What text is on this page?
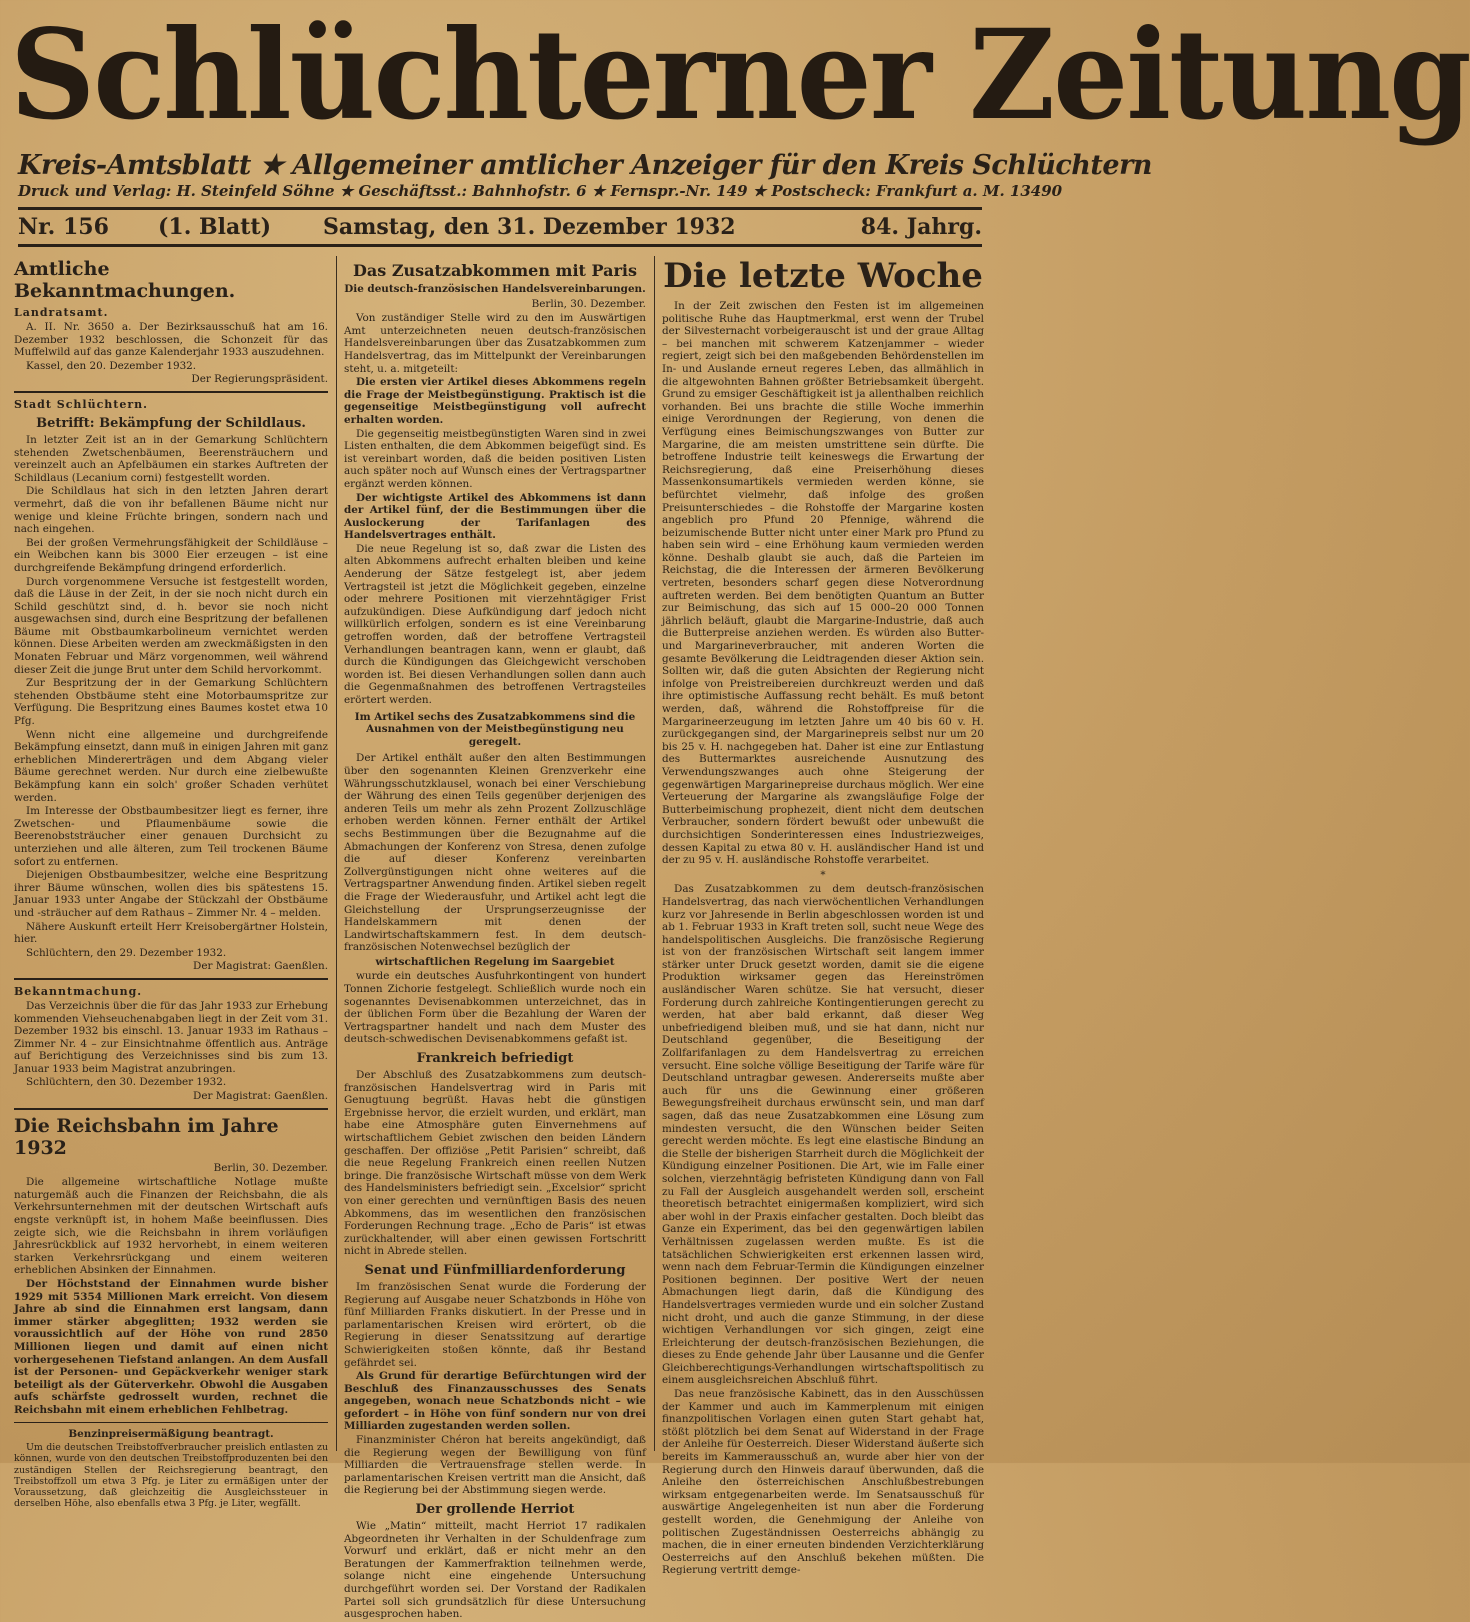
Schlüchterner Zeitung
Kreis-Amtsblatt ★ Allgemeiner amtlicher Anzeiger für den Kreis Schlüchtern
Druck und Verlag: H. Steinfeld Söhne ★ Geschäftsst.: Bahnhofstr. 6 ★ Fernspr.-Nr. 149 ★ Postscheck: Frankfurt a. M. 13490
Nr. 156 (1. Blatt) Samstag, den 31. Dezember 1932	84. Jahrg.
Amtliche Bekanntmachungen.
Landratsamt.

A. II. Nr. 3650 a. Der Bezirksausschuß hat am 16. Dezember 1932 beschlossen, die Schonzeit für das Muffelwild auf das ganze Kalenderjahr 1933 auszudehnen.

Kassel, den 20. Dezember 1932.

Der Regierungspräsident.
Stadt Schlüchtern.
Betrifft: Bekämpfung der Schildlaus.

In letzter Zeit ist an in der Gemarkung Schlüchtern stehenden Zwetschenbäumen, Beerensträuchern und vereinzelt auch an Apfelbäumen ein starkes Auftreten der Schildlaus (Lecanium corni) festgestellt worden.

Die Schildlaus hat sich in den letzten Jahren derart vermehrt, daß die von ihr befallenen Bäume nicht nur wenige und kleine Früchte bringen, sondern nach und nach eingehen.

Bei der großen Vermehrungsfähigkeit der Schildläuse – ein Weibchen kann bis 3000 Eier erzeugen – ist eine durchgreifende Bekämpfung dringend erforderlich.

Durch vorgenommene Versuche ist festgestellt worden, daß die Läuse in der Zeit, in der sie noch nicht durch ein Schild geschützt sind, d. h. bevor sie noch nicht ausgewachsen sind, durch eine Bespritzung der befallenen Bäume mit Obstbaumkarbolineum vernichtet werden können. Diese Arbeiten werden am zweckmäßigsten in den Monaten Februar und März vorgenommen, weil während dieser Zeit die junge Brut unter dem Schild hervorkommt.

Zur Bespritzung der in der Gemarkung Schlüchtern stehenden Obstbäume steht eine Motorbaumspritze zur Verfügung. Die Bespritzung eines Baumes kostet etwa 10 Pfg.

Wenn nicht eine allgemeine und durchgreifende Bekämpfung einsetzt, dann muß in einigen Jahren mit ganz erheblichen Mindererträgen und dem Abgang vieler Bäume gerechnet werden. Nur durch eine zielbewußte Bekämpfung kann ein solch' großer Schaden verhütet werden.

Im Interesse der Obstbaumbesitzer liegt es ferner, ihre Zwetschen- und Pflaumenbäume sowie die Beerenobststräucher einer genauen Durchsicht zu unterziehen und alle älteren, zum Teil trockenen Bäume sofort zu entfernen.

Diejenigen Obstbaumbesitzer, welche eine Bespritzung ihrer Bäume wünschen, wollen dies bis spätestens 15. Januar 1933 unter Angabe der Stückzahl der Obstbäume und -sträucher auf dem Rathaus – Zimmer Nr. 4 – melden.

Nähere Auskunft erteilt Herr Kreisobergärtner Holstein, hier.

Schlüchtern, den 29. Dezember 1932.

Der Magistrat: Gaenßlen.
Bekanntmachung.

Das Verzeichnis über die für das Jahr 1933 zur Erhebung kommenden Viehseuchenabgaben liegt in der Zeit vom 31. Dezember 1932 bis einschl. 13. Januar 1933 im Rathaus – Zimmer Nr. 4 – zur Einsichtnahme öffentlich aus. Anträge auf Berichtigung des Verzeichnisses sind bis zum 13. Januar 1933 beim Magistrat anzubringen.

Schlüchtern, den 30. Dezember 1932.

Der Magistrat: Gaenßlen.
Die Reichsbahn im Jahre 1932
Berlin, 30. Dezember.

Die allgemeine wirtschaftliche Notlage mußte naturgemäß auch die Finanzen der Reichsbahn, die als Verkehrsunternehmen mit der deutschen Wirtschaft aufs engste verknüpft ist, in hohem Maße beeinflussen. Dies zeigte sich, wie die Reichsbahn in ihrem vorläufigen Jahresrückblick auf 1932 hervorhebt, in einem weiteren starken Verkehrsrückgang und einem weiteren erheblichen Absinken der Einnahmen.

Der Höchststand der Einnahmen wurde bisher 1929 mit 5354 Millionen Mark erreicht. Von diesem Jahre ab sind die Einnahmen erst langsam, dann immer stärker abgeglitten; 1932 werden sie voraussichtlich auf der Höhe von rund 2850 Millionen liegen und damit auf einen nicht vorhergesehenen Tiefstand anlangen. An dem Ausfall ist der Personen- und Gepäckverkehr weniger stark beteiligt als der Güterverkehr. Obwohl die Ausgaben aufs schärfste gedrosselt wurden, rechnet die Reichsbahn mit einem erheblichen Fehlbetrag.

Benzinpreisermäßigung beantragt.

Um die deutschen Treibstoffverbraucher preislich entlasten zu können, wurde von den deutschen Treibstoffproduzenten bei den zuständigen Stellen der Reichsregierung beantragt, den Treibstoffzoll um etwa 3 Pfg. je Liter zu ermäßigen unter der Voraussetzung, daß gleichzeitig die Ausgleichssteuer in derselben Höhe, also ebenfalls etwa 3 Pfg. je Liter, wegfällt.

Das Zusatzabkommen mit Paris
Die deutsch-französischen Handelsvereinbarungen.
Berlin, 30. Dezember.

Von zuständiger Stelle wird zu den im Auswärtigen Amt unterzeichneten neuen deutsch-französischen Handelsvereinbarungen über das Zusatzabkommen zum Handelsvertrag, das im Mittelpunkt der Vereinbarungen steht, u. a. mitgeteilt:

Die ersten vier Artikel dieses Abkommens regeln die Frage der Meistbegünstigung. Praktisch ist die gegenseitige Meistbegünstigung voll aufrecht erhalten worden.

Die gegenseitig meistbegünstigten Waren sind in zwei Listen enthalten, die dem Abkommen beigefügt sind. Es ist vereinbart worden, daß die beiden positiven Listen auch später noch auf Wunsch eines der Vertragspartner ergänzt werden können.

Der wichtigste Artikel des Abkommens ist dann der Artikel fünf, der die Bestimmungen über die Auslockerung der Tarifanlagen des Handelsvertrages enthält.

Die neue Regelung ist so, daß zwar die Listen des alten Abkommens aufrecht erhalten bleiben und keine Aenderung der Sätze festgelegt ist, aber jedem Vertragsteil ist jetzt die Möglichkeit gegeben, einzelne oder mehrere Positionen mit vierzehntägiger Frist aufzukündigen. Diese Aufkündigung darf jedoch nicht willkürlich erfolgen, sondern es ist eine Vereinbarung getroffen worden, daß der betroffene Vertragsteil Verhandlungen beantragen kann, wenn er glaubt, daß durch die Kündigungen das Gleichgewicht verschoben worden ist. Bei diesen Verhandlungen sollen dann auch die Gegenmaßnahmen des betroffenen Vertragsteiles erörtert werden.

Im Artikel sechs des Zusatzabkommens sind die Ausnahmen von der Meistbegünstigung neu geregelt.

Der Artikel enthält außer den alten Bestimmungen über den sogenannten Kleinen Grenzverkehr eine Währungsschutzklausel, wonach bei einer Verschiebung der Währung des einen Teils gegenüber derjenigen des anderen Teils um mehr als zehn Prozent Zollzuschläge erhoben werden können. Ferner enthält der Artikel sechs Bestimmungen über die Bezugnahme auf die Abmachungen der Konferenz von Stresa, denen zufolge die auf dieser Konferenz vereinbarten Zollvergünstigungen nicht ohne weiteres auf die Vertragspartner Anwendung finden. Artikel sieben regelt die Frage der Wiederausfuhr, und Artikel acht legt die Gleichstellung der Ursprungserzeugnisse der Handelskammern mit denen der Landwirtschaftskammern fest. In dem deutsch-französischen Notenwechsel bezüglich der

wirtschaftlichen Regelung im Saargebiet

wurde ein deutsches Ausfuhrkontingent von hundert Tonnen Zichorie festgelegt. Schließlich wurde noch ein sogenanntes Devisenabkommen unterzeichnet, das in der üblichen Form über die Bezahlung der Waren der Vertragspartner handelt und nach dem Muster des deutsch-schwedischen Devisenabkommens gefaßt ist.

Frankreich befriedigt

Der Abschluß des Zusatzabkommens zum deutsch-französischen Handelsvertrag wird in Paris mit Genugtuung begrüßt. Havas hebt die günstigen Ergebnisse hervor, die erzielt wurden, und erklärt, man habe eine Atmosphäre guten Einvernehmens auf wirtschaftlichem Gebiet zwischen den beiden Ländern geschaffen. Der offiziöse „Petit Parisien“ schreibt, daß die neue Regelung Frankreich einen reellen Nutzen bringe. Die französische Wirtschaft müsse von dem Werk des Handelsministers befriedigt sein. „Excelsior“ spricht von einer gerechten und vernünftigen Basis des neuen Abkommens, das im wesentlichen den französischen Forderungen Rechnung trage. „Echo de Paris“ ist etwas zurückhaltender, will aber einen gewissen Fortschritt nicht in Abrede stellen.

Senat und Fünfmilliardenforderung

Im französischen Senat wurde die Forderung der Regierung auf Ausgabe neuer Schatzbonds in Höhe von fünf Milliarden Franks diskutiert. In der Presse und in parlamentarischen Kreisen wird erörtert, ob die Regierung in dieser Senatssitzung auf derartige Schwierigkeiten stoßen könnte, daß ihr Bestand gefährdet sei.

Als Grund für derartige Befürchtungen wird der Beschluß des Finanzausschusses des Senats angegeben, wonach neue Schatzbonds nicht – wie gefordert – in Höhe von fünf sondern nur von drei Milliarden zugestanden werden sollen.

Finanzminister Chéron hat bereits angekündigt, daß die Regierung wegen der Bewilligung von fünf Milliarden die Vertrauensfrage stellen werde. In parlamentarischen Kreisen vertritt man die Ansicht, daß die Regierung bei der Abstimmung siegen werde.

Der grollende Herriot

Wie „Matin“ mitteilt, macht Herriot 17 radikalen Abgeordneten ihr Verhalten in der Schuldenfrage zum Vorwurf und erklärt, daß er nicht mehr an den Beratungen der Kammerfraktion teilnehmen werde, solange nicht eine eingehende Untersuchung durchgeführt worden sei. Der Vorstand der Radikalen Partei soll sich grundsätzlich für diese Untersuchung ausgesprochen haben.

Die letzte Woche

In der Zeit zwischen den Festen ist im allgemeinen politische Ruhe das Hauptmerkmal, erst wenn der Trubel der Silvesternacht vorbeigerauscht ist und der graue Alltag – bei manchen mit schwerem Katzenjammer – wieder regiert, zeigt sich bei den maßgebenden Behördenstellen im In- und Auslande erneut regeres Leben, das allmählich in die altgewohnten Bahnen größter Betriebsamkeit übergeht. Grund zu emsiger Geschäftigkeit ist ja allenthalben reichlich vorhanden. Bei uns brachte die stille Woche immerhin einige Verordnungen der Regierung, von denen die Verfügung eines Beimischungszwanges von Butter zur Margarine, die am meisten umstrittene sein dürfte. Die betroffene Industrie teilt keineswegs die Erwartung der Reichsregierung, daß eine Preiserhöhung dieses Massenkonsumartikels vermieden werden könne, sie befürchtet vielmehr, daß infolge des großen Preisunterschiedes – die Rohstoffe der Margarine kosten angeblich pro Pfund 20 Pfennige, während die beizumischende Butter nicht unter einer Mark pro Pfund zu haben sein wird – eine Erhöhung kaum vermieden werden könne. Deshalb glaubt sie auch, daß die Parteien im Reichstag, die die Interessen der ärmeren Bevölkerung vertreten, besonders scharf gegen diese Notverordnung auftreten werden. Bei dem benötigten Quantum an Butter zur Beimischung, das sich auf 15 000–20 000 Tonnen jährlich beläuft, glaubt die Margarine-Industrie, daß auch die Butterpreise anziehen werden. Es würden also Butter- und Margarineverbraucher, mit anderen Worten die gesamte Bevölkerung die Leidtragenden dieser Aktion sein. Sollten wir, daß die guten Absichten der Regierung nicht infolge von Preistreibereien durchkreuzt werden und daß ihre optimistische Auffassung recht behält. Es muß betont werden, daß, während die Rohstoffpreise für die Margarineerzeugung im letzten Jahre um 40 bis 60 v. H. zurückgegangen sind, der Margarinepreis selbst nur um 20 bis 25 v. H. nachgegeben hat. Daher ist eine zur Entlastung des Buttermarktes ausreichende Ausnutzung des Verwendungszwanges auch ohne Steigerung der gegenwärtigen Margarinepreise durchaus möglich. Wer eine Verteuerung der Margarine als zwangsläufige Folge der Butterbeimischung prophezeit, dient nicht dem deutschen Verbraucher, sondern fördert bewußt oder unbewußt die durchsichtigen Sonderinteressen eines Industriezweiges, dessen Kapital zu etwa 80 v. H. ausländischer Hand ist und der zu 95 v. H. ausländische Rohstoffe verarbeitet.

*

Das Zusatzabkommen zu dem deutsch-französischen Handelsvertrag, das nach vierwöchentlichen Verhandlungen kurz vor Jahresende in Berlin abgeschlossen worden ist und ab 1. Februar 1933 in Kraft treten soll, sucht neue Wege des handelspolitischen Ausgleichs. Die französische Regierung ist von der französischen Wirtschaft seit langem immer stärker unter Druck gesetzt worden, damit sie die eigene Produktion wirksamer gegen das Hereinströmen ausländischer Waren schütze. Sie hat versucht, dieser Forderung durch zahlreiche Kontingentierungen gerecht zu werden, hat aber bald erkannt, daß dieser Weg unbefriedigend bleiben muß, und sie hat dann, nicht nur Deutschland gegenüber, die Beseitigung der Zollfarifanlagen zu dem Handelsvertrag zu erreichen versucht. Eine solche völlige Beseitigung der Tarife wäre für Deutschland untragbar gewesen. Andererseits mußte aber auch für uns die Gewinnung einer größeren Bewegungsfreiheit durchaus erwünscht sein, und man darf sagen, daß das neue Zusatzabkommen eine Lösung zum mindesten versucht, die den Wünschen beider Seiten gerecht werden möchte. Es legt eine elastische Bindung an die Stelle der bisherigen Starrheit durch die Möglichkeit der Kündigung einzelner Positionen. Die Art, wie im Falle einer solchen, vierzehntägig befristeten Kündigung dann von Fall zu Fall der Ausgleich ausgehandelt werden soll, erscheint theoretisch betrachtet einigermaßen kompliziert, wird sich aber wohl in der Praxis einfacher gestalten. Doch bleibt das Ganze ein Experiment, das bei den gegenwärtigen labilen Verhältnissen zugelassen werden mußte. Es ist die tatsächlichen Schwierigkeiten erst erkennen lassen wird, wenn nach dem Februar-Termin die Kündigungen einzelner Positionen beginnen. Der positive Wert der neuen Abmachungen liegt darin, daß die Kündigung des Handelsvertrages vermieden wurde und ein solcher Zustand nicht droht, und auch die ganze Stimmung, in der diese wichtigen Verhandlungen vor sich gingen, zeigt eine Erleichterung der deutsch-französischen Beziehungen, die dieses zu Ende gehende Jahr über Lausanne und die Genfer Gleichberechtigungs-Verhandlungen wirtschaftspolitisch zu einem ausgleichsreichen Abschluß führt.

Das neue französische Kabinett, das in den Ausschüssen der Kammer und auch im Kammerplenum mit einigen finanzpolitischen Vorlagen einen guten Start gehabt hat, stößt plötzlich bei dem Senat auf Widerstand in der Frage der Anleihe für Oesterreich. Dieser Widerstand äußerte sich bereits im Kammerausschuß an, wurde aber hier von der Regierung durch den Hinweis darauf überwunden, daß die Anleihe den österreichischen Anschlußbestrebungen wirksam entgegenarbeiten werde. Im Senatsausschuß für auswärtige Angelegenheiten ist nun aber die Forderung gestellt worden, die Genehmigung der Anleihe von politischen Zugeständnissen Oesterreichs abhängig zu machen, die in einer erneuten bindenden Verzichterklärung Oesterreichs auf den Anschluß bekehen müßten. Die Regierung vertritt demge-
